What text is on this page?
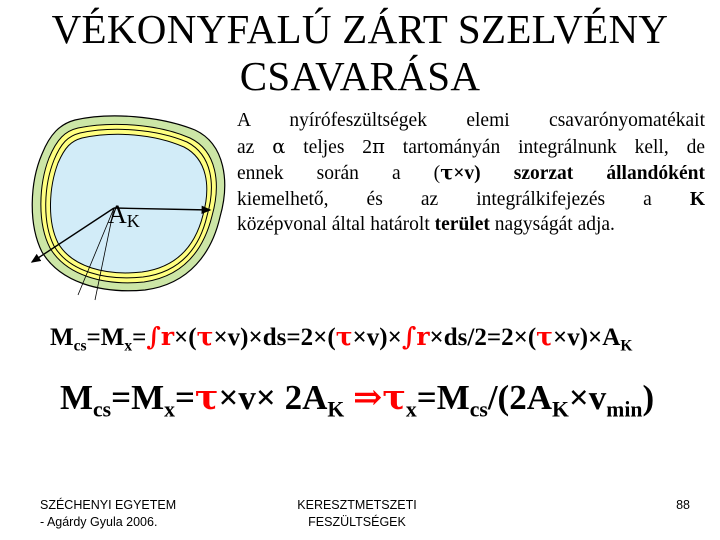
VÉKONYFALÚ ZÁRT SZELVÉNY
CSAVARÁSA
AK
A nyírófeszültségek elemi csavarónyomatékait
az α teljes 2π tartományán integrálnunk kell, de
ennek során a (τ×v) szorzat állandóként
kiemelhető, és az integrálkifejezés a K
középvonal által határolt terület nagyságát adja.
$M_{cs}=M_x=\int r\times(\tau\times v)\times ds=2\times(\tau\times v)\times\int r\times ds/2=2\times(\tau\times v)\times A_K$
$M_{cs}=M_x=\tau\times v\times 2A_K$ $\Rightarrow\tau_x=M_{cs}/(2A_K\times v_{min})$
SZÉCHENYI EGYETEM
- Agárdy Gyula 2006.
KERESZTMETSZETI
FESZÜLTSÉGEK
88
